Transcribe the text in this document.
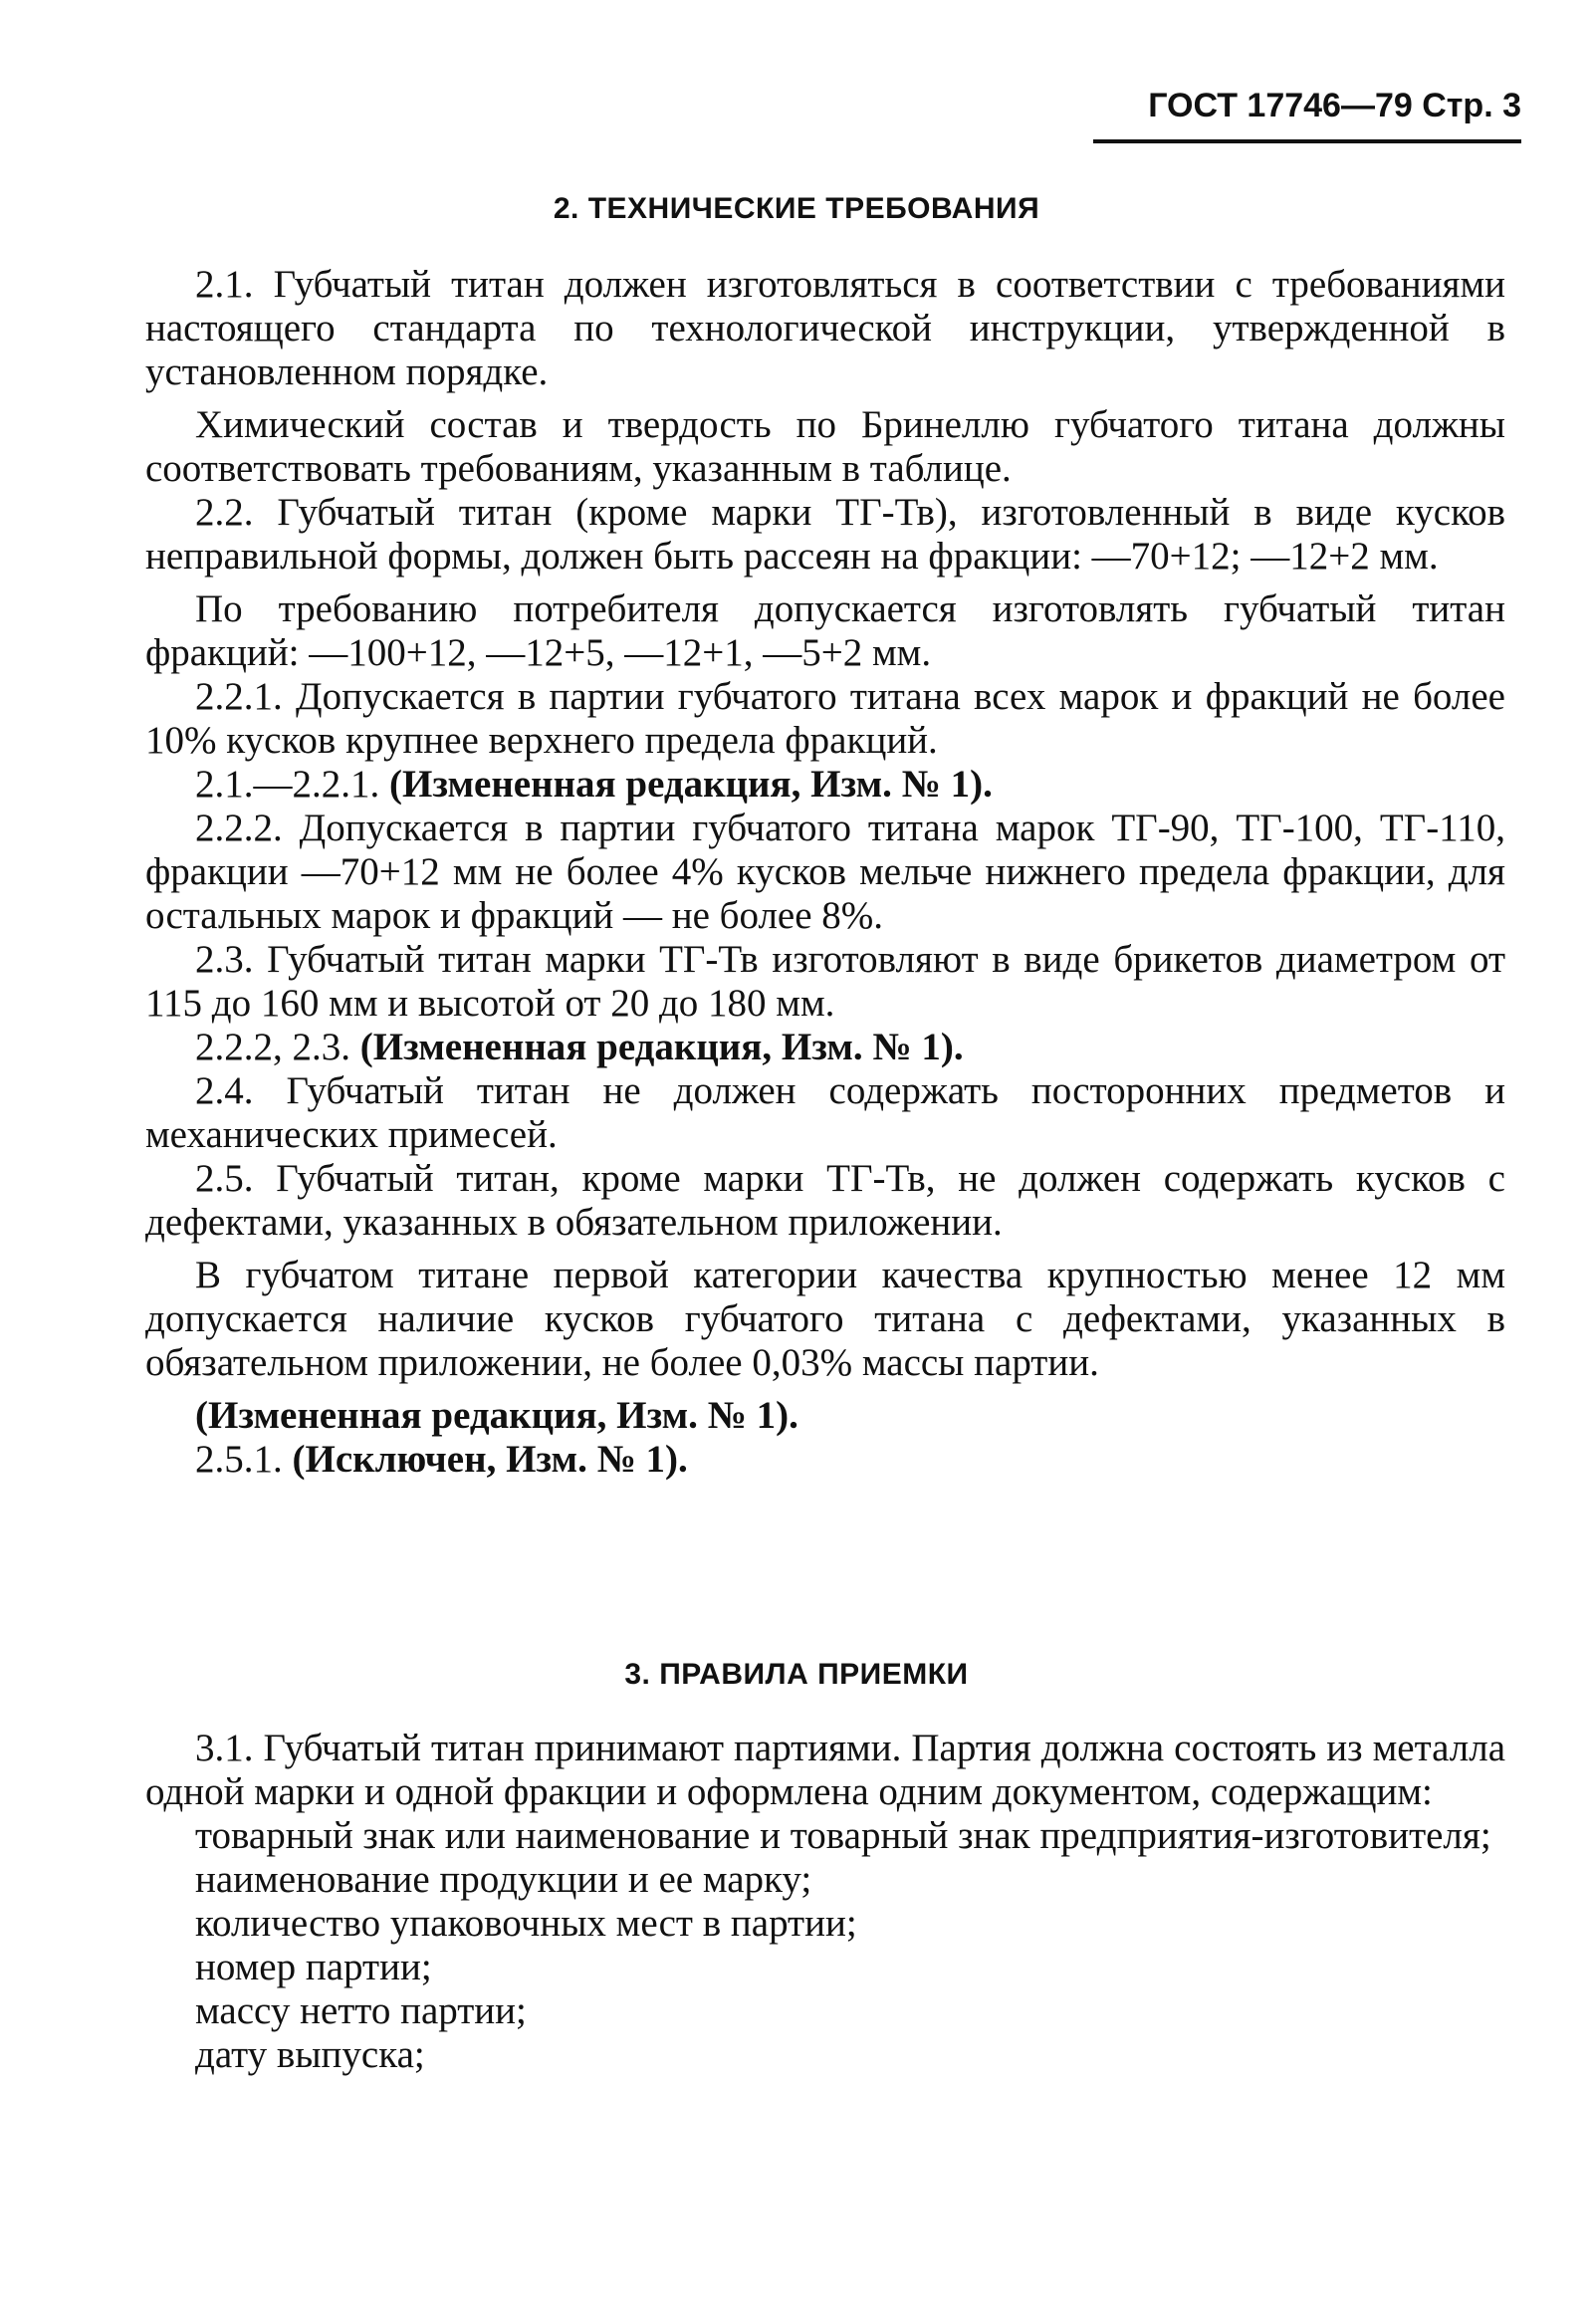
ГОСТ 17746—79 Стр. 3
2. ТЕХНИЧЕСКИЕ ТРЕБОВАНИЯ

2.1. Губчатый титан должен изготовляться в соответствии с требованиями настоящего стандарта по технологической инструкции, утвержденной в установленном порядке.

Химический состав и твердость по Бринеллю губчатого титана должны соответствовать требованиям, указанным в таблице.

2.2. Губчатый титан (кроме марки ТГ-Тв), изготовленный в виде кусков неправильной формы, должен быть рассеян на фракции: —70+12; —12+2 мм.

По требованию потребителя допускается изготовлять губчатый титан фракций: —100+12, —12+5, —12+1, —5+2 мм.

2.2.1. Допускается в партии губчатого титана всех марок и фракций не более 10% кусков крупнее верхнего предела фракций.

2.1.—2.2.1. (Измененная редакция, Изм. № 1).

2.2.2. Допускается в партии губчатого титана марок ТГ-90, ТГ-100, ТГ-110, фракции —70+12 мм не более 4% кусков мельче нижнего предела фракции, для остальных марок и фракций — не более 8%.

2.3. Губчатый титан марки ТГ-Тв изготовляют в виде брикетов диаметром от 115 до 160 мм и высотой от 20 до 180 мм.

2.2.2, 2.3. (Измененная редакция, Изм. № 1).

2.4. Губчатый титан не должен содержать посторонних предметов и механических примесей.

2.5. Губчатый титан, кроме марки ТГ-Тв, не должен содержать кусков с дефектами, указанных в обязательном приложении.

В губчатом титане первой категории качества крупностью менее 12 мм допускается наличие кусков губчатого титана с дефектами, указанных в обязательном приложении, не более 0,03% массы партии.

(Измененная редакция, Изм. № 1).

2.5.1. (Исключен, Изм. № 1).

3. ПРАВИЛА ПРИЕМКИ

3.1. Губчатый титан принимают партиями. Партия должна состоять из металла одной марки и одной фракции и оформлена одним документом, содержащим:

товарный знак или наименование и товарный знак предприятия-изготовителя;

наименование продукции и ее марку;

количество упаковочных мест в партии;

номер партии;

массу нетто партии;

дату выпуска;
